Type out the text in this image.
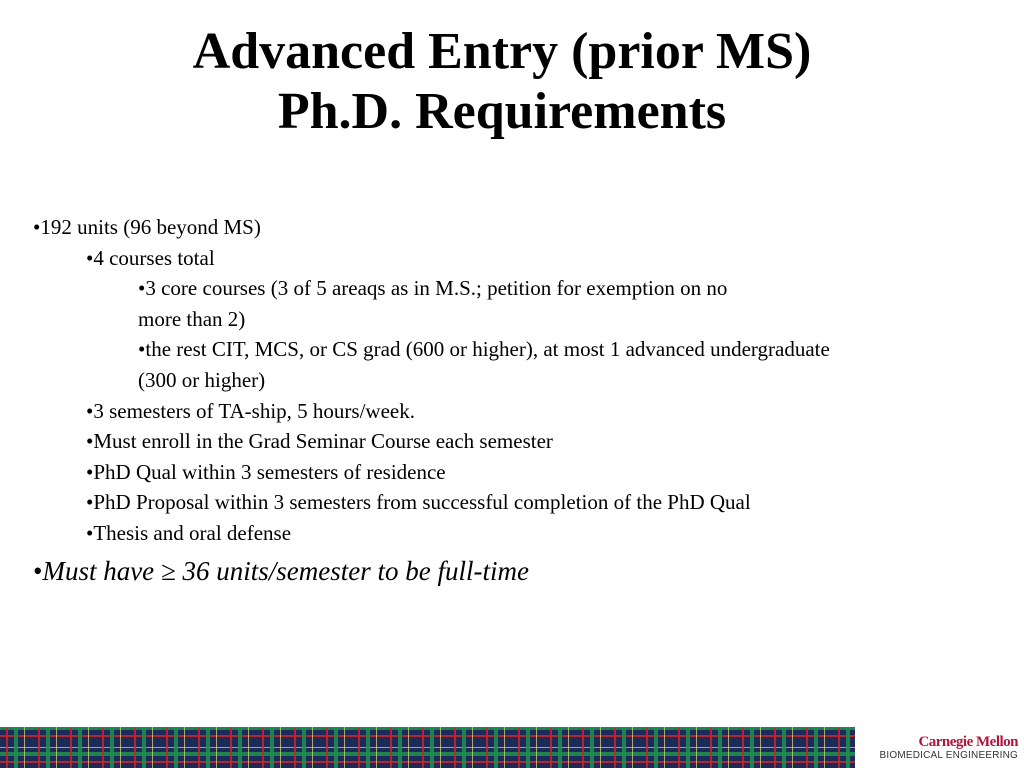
Advanced Entry (prior MS)
Ph.D. Requirements
•192 units (96 beyond MS)
•4 courses total
•3 core courses (3 of 5 areaqs as in M.S.; petition for exemption on no
more than 2)
•the rest CIT, MCS, or CS grad (600 or higher), at most 1 advanced undergraduate
(300 or higher)
•3 semesters of TA-ship, 5 hours/week.
•Must enroll in the Grad Seminar Course each semester
•PhD Qual within 3 semesters of residence
•PhD Proposal within 3 semesters from successful completion of the PhD Qual
•Thesis and oral defense
•Must have ≥ 36 units/semester to be full-time
Carnegie Mellon
BIOMEDICAL ENGINEERING
